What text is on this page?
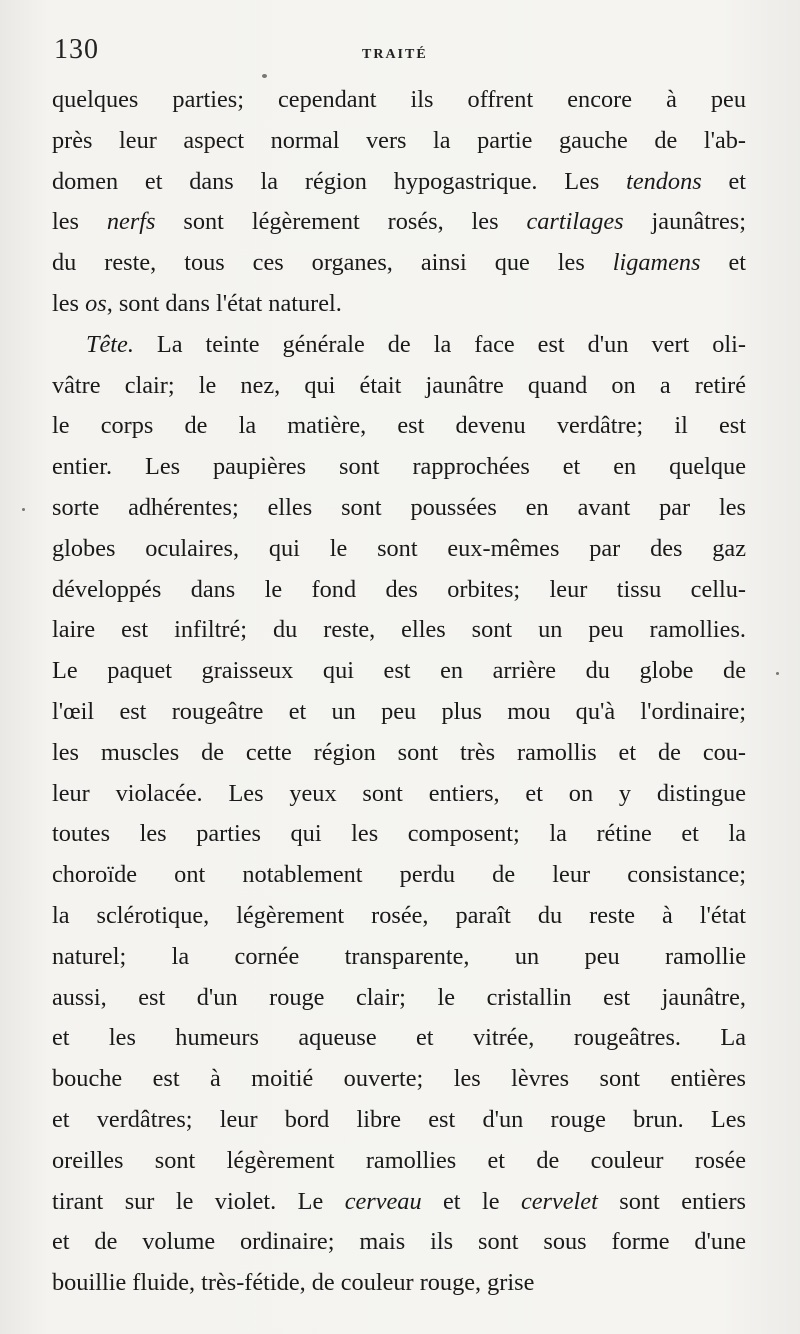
130	TRAITÉ
quelques parties; cependant ils offrent encore à peu
près leur aspect normal vers la partie gauche de l'ab-
domen et dans la région hypogastrique. Les tendons et
les nerfs sont légèrement rosés, les cartilages jaunâtres;
du reste, tous ces organes, ainsi que les ligamens et
les os, sont dans l'état naturel.
Tête. La teinte générale de la face est d'un vert oli-
vâtre clair; le nez, qui était jaunâtre quand on a retiré
le corps de la matière, est devenu verdâtre; il est
entier. Les paupières sont rapprochées et en quelque
sorte adhérentes; elles sont poussées en avant par les
globes oculaires, qui le sont eux-mêmes par des gaz
développés dans le fond des orbites; leur tissu cellu-
laire est infiltré; du reste, elles sont un peu ramollies.
Le paquet graisseux qui est en arrière du globe de
l'œil est rougeâtre et un peu plus mou qu'à l'ordinaire;
les muscles de cette région sont très ramollis et de cou-
leur violacée. Les yeux sont entiers, et on y distingue
toutes les parties qui les composent; la rétine et la
choroïde ont notablement perdu de leur consistance;
la sclérotique, légèrement rosée, paraît du reste à l'état
naturel; la cornée transparente, un peu ramollie
aussi, est d'un rouge clair; le cristallin est jaunâtre,
et les humeurs aqueuse et vitrée, rougeâtres. La
bouche est à moitié ouverte; les lèvres sont entières
et verdâtres; leur bord libre est d'un rouge brun. Les
oreilles sont légèrement ramollies et de couleur rosée
tirant sur le violet. Le cerveau et le cervelet sont entiers
et de volume ordinaire; mais ils sont sous forme d'une
bouillie fluide, très-fétide, de couleur rouge, grise
